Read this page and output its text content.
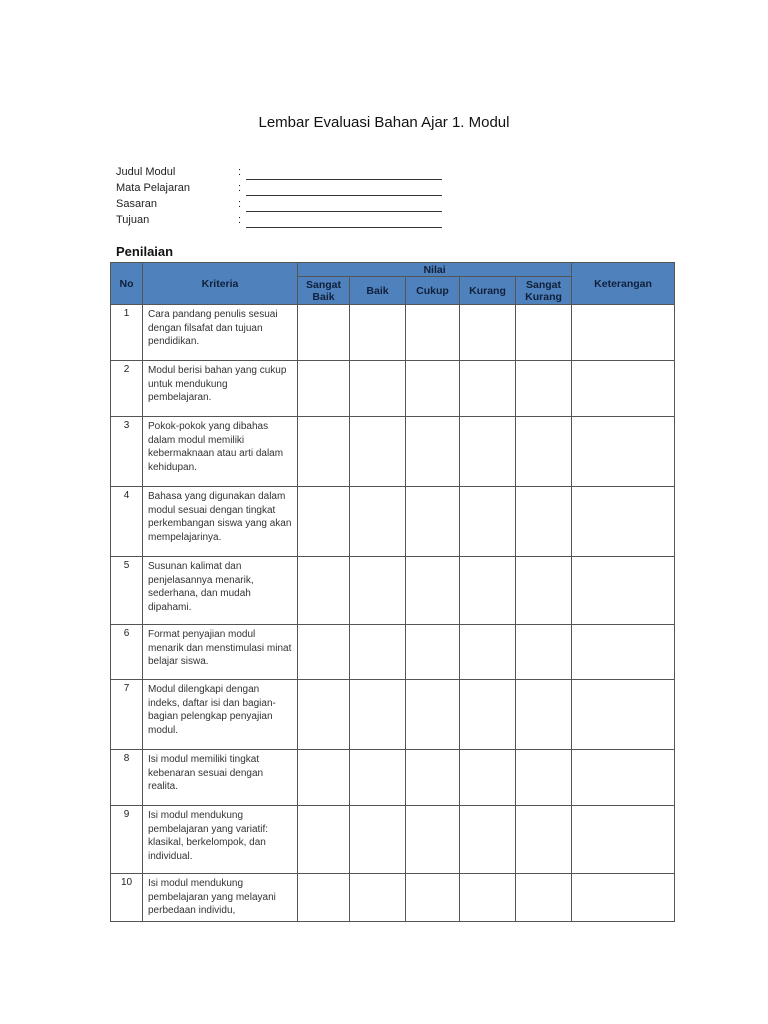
Lembar Evaluasi Bahan Ajar 1. Modul
Judul Modul	:
Mata Pelajaran	:
Sasaran	:
Tujuan	:
Penilaian
No	Kriteria	Nilai					Keterangan
		Sangat Baik	Baik	Cukup	Kurang	Sangat Kurang	
1	Cara pandang penulis sesuai dengan filsafat dan tujuan pendidikan.						
2	Modul berisi bahan yang cukup untuk mendukung pembelajaran.						
3	Pokok-pokok yang dibahas dalam modul memiliki kebermaknaan atau arti dalam kehidupan.						
4	Bahasa yang digunakan dalam modul sesuai dengan tingkat perkembangan siswa yang akan mempelajarinya.						
5	Susunan kalimat dan penjelasannya menarik, sederhana, dan mudah dipahami.						
6	Format penyajian modul menarik dan menstimulasi minat belajar siswa.						
7	Modul dilengkapi dengan indeks, daftar isi dan bagian-bagian pelengkap penyajian modul.						
8	Isi modul memiliki tingkat kebenaran sesuai dengan realita.						
9	Isi modul mendukung pembelajaran yang variatif: klasikal, berkelompok, dan individual.						
10	Isi modul mendukung pembelajaran yang melayani perbedaan individu,						
